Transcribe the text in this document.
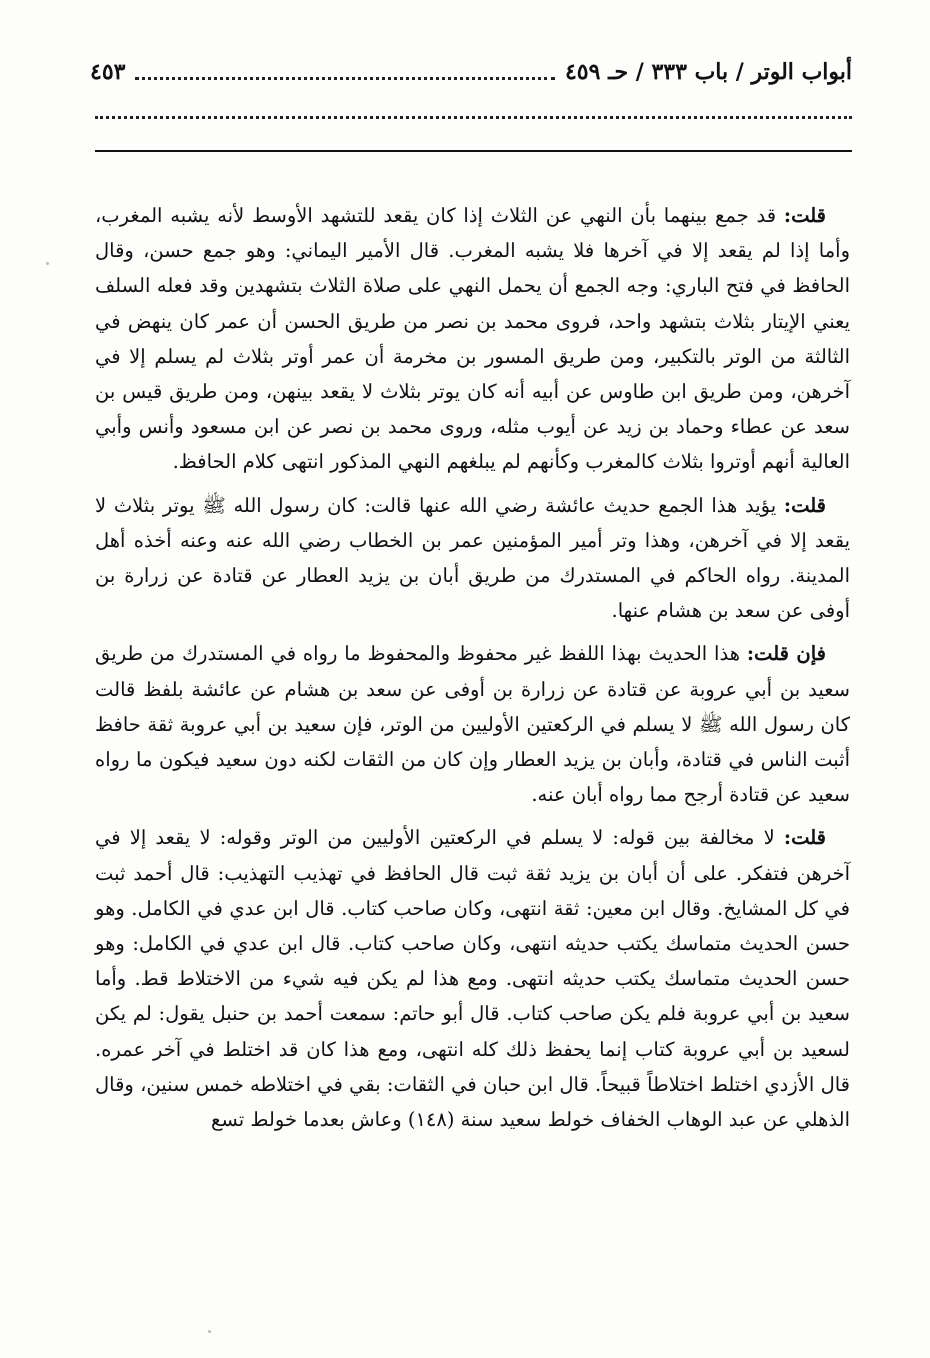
أبواب الوتر / باب ٣٣٣ / حـ ٤٥٩
٤٥٣

قلت: قد جمع بينهما بأن النهي عن الثلاث إذا كان يقعد للتشهد الأوسط لأنه يشبه المغرب، وأما إذا لم يقعد إلا في آخرها فلا يشبه المغرب. قال الأمير اليماني: وهو جمع حسن، وقال الحافظ في فتح الباري: وجه الجمع أن يحمل النهي على صلاة الثلاث بتشهدين وقد فعله السلف يعني الإيتار بثلاث بتشهد واحد، فروى محمد بن نصر من طريق الحسن أن عمر كان ينهض في الثالثة من الوتر بالتكبير، ومن طريق المسور بن مخرمة أن عمر أوتر بثلاث لم يسلم إلا في آخرهن، ومن طريق ابن طاوس عن أبيه أنه كان يوتر بثلاث لا يقعد بينهن، ومن طريق قيس بن سعد عن عطاء وحماد بن زيد عن أيوب مثله، وروى محمد بن نصر عن ابن مسعود وأنس وأبي العالية أنهم أوتروا بثلاث كالمغرب وكأنهم لم يبلغهم النهي المذكور انتهى كلام الحافظ.

قلت: يؤيد هذا الجمع حديث عائشة رضي الله عنها قالت: كان رسول الله ﷺ يوتر بثلاث لا يقعد إلا في آخرهن، وهذا وتر أمير المؤمنين عمر بن الخطاب رضي الله عنه وعنه أخذه أهل المدينة. رواه الحاكم في المستدرك من طريق أبان بن يزيد العطار عن قتادة عن زرارة بن أوفى عن سعد بن هشام عنها.

فإن قلت: هذا الحديث بهذا اللفظ غير محفوظ والمحفوظ ما رواه في المستدرك من طريق سعيد بن أبي عروبة عن قتادة عن زرارة بن أوفى عن سعد بن هشام عن عائشة بلفظ قالت كان رسول الله ﷺ لا يسلم في الركعتين الأوليين من الوتر، فإن سعيد بن أبي عروبة ثقة حافظ أثبت الناس في قتادة، وأبان بن يزيد العطار وإن كان من الثقات لكنه دون سعيد فيكون ما رواه سعيد عن قتادة أرجح مما رواه أبان عنه.

قلت: لا مخالفة بين قوله: لا يسلم في الركعتين الأوليين من الوتر وقوله: لا يقعد إلا في آخرهن فتفكر. على أن أبان بن يزيد ثقة ثبت قال الحافظ في تهذيب التهذيب: قال أحمد ثبت في كل المشايخ. وقال ابن معين: ثقة انتهى، وكان صاحب كتاب. قال ابن عدي في الكامل. وهو حسن الحديث متماسك يكتب حديثه انتهى، وكان صاحب كتاب. قال ابن عدي في الكامل: وهو حسن الحديث متماسك يكتب حديثه انتهى. ومع هذا لم يكن فيه شيء من الاختلاط قط. وأما سعيد بن أبي عروبة فلم يكن صاحب كتاب. قال أبو حاتم: سمعت أحمد بن حنبل يقول: لم يكن لسعيد بن أبي عروبة كتاب إنما يحفظ ذلك كله انتهى، ومع هذا كان قد اختلط في آخر عمره. قال الأزدي اختلط اختلاطاً قبيحاً. قال ابن حبان في الثقات: بقي في اختلاطه خمس سنين، وقال الذهلي عن عبد الوهاب الخفاف خولط سعيد سنة (١٤٨) وعاش بعدما خولط تسع
